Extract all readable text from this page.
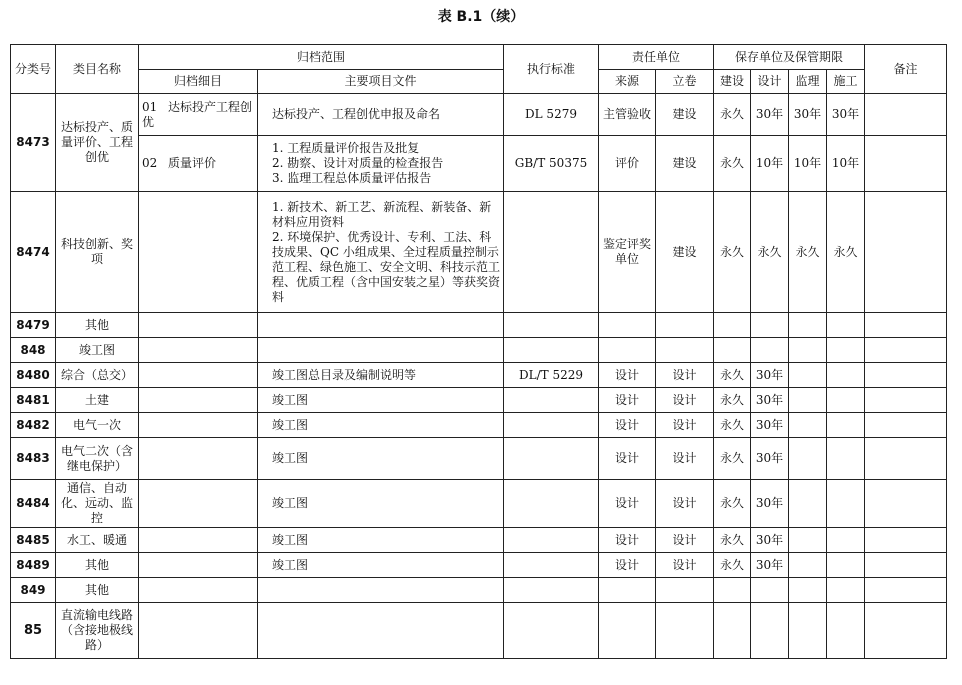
表 B.1（续）
分类号	类目名称	归档范围		执行标准	责任单位		保存单位及保管期限				备注
		归档细目	主要项目文件		来源	立卷	建设	设计	监理	施工	
8473	达标投产、质量评价、工程创优	01 达标投产工程创优	达标投产、工程创优申报及命名	DL 5279	主管验收	建设	永久	30年	30年	30年	
		02 质量评价	1. 工程质量评价报告及批复
2. 勘察、设计对质量的检查报告
3. 监理工程总体质量评估报告	GB/T 50375	评价	建设	永久	10年	10年	10年	
8474	科技创新、奖项		1. 新技术、新工艺、新流程、新装备、新材料应用资料
2. 环境保护、优秀设计、专利、工法、科技成果、QC 小组成果、全过程质量控制示范工程、绿色施工、安全文明、科技示范工程、优质工程（含中国安装之星）等获奖资料		鉴定评奖单位	建设	永久	永久	永久	永久	
8479	其他										
848	竣工图										
8480	综合（总交）		竣工图总目录及编制说明等	DL/T 5229	设计	设计	永久	30年			
8481	土建		竣工图		设计	设计	永久	30年			
8482	电气一次		竣工图		设计	设计	永久	30年			
8483	电气二次（含继电保护）		竣工图		设计	设计	永久	30年			
8484	通信、自动化、远动、监控		竣工图		设计	设计	永久	30年			
8485	水工、暖通		竣工图		设计	设计	永久	30年			
8489	其他		竣工图		设计	设计	永久	30年			
849	其他										
85	直流输电线路（含接地极线路）										
